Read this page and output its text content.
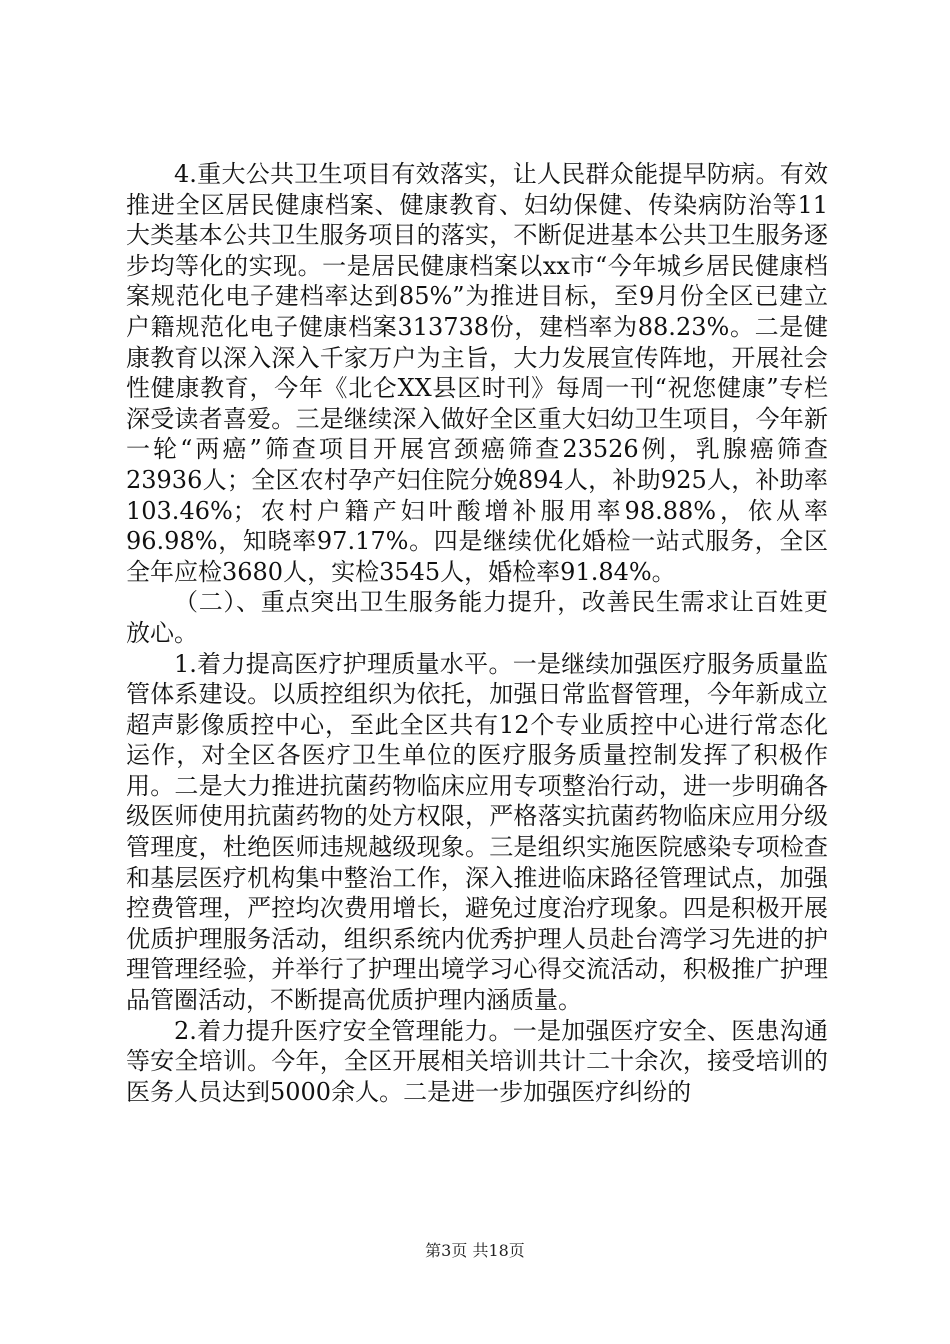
4.重大公共卫生项目有效落实，让人民群众能提早防病。有效推进全区居民健康档案、健康教育、妇幼保健、传染病防治等11大类基本公共卫生服务项目的落实，不断促进基本公共卫生服务逐步均等化的实现。一是居民健康档案以xx市“今年城乡居民健康档案规范化电子建档率达到85%”为推进目标，至9月份全区已建立户籍规范化电子健康档案313738份，建档率为88.23%。二是健康教育以深入深入千家万户为主旨，大力发展宣传阵地，开展社会性健康教育，今年《北仑XX县区时刊》每周一刊“祝您健康”专栏深受读者喜爱。三是继续深入做好全区重大妇幼卫生项目，今年新一轮“两癌”筛查项目开展宫颈癌筛查23526例，乳腺癌筛查23936人；全区农村孕产妇住院分娩894人，补助925人，补助率103.46%；农村户籍产妇叶酸增补服用率98.88%，依从率96.98%，知晓率97.17%。四是继续优化婚检一站式服务，全区全年应检3680人，实检3545人，婚检率91.84%。

（二）、重点突出卫生服务能力提升，改善民生需求让百姓更放心。

1.着力提高医疗护理质量水平。一是继续加强医疗服务质量监管体系建设。以质控组织为依托，加强日常监督管理，今年新成立超声影像质控中心，至此全区共有12个专业质控中心进行常态化运作，对全区各医疗卫生单位的医疗服务质量控制发挥了积极作用。二是大力推进抗菌药物临床应用专项整治行动，进一步明确各级医师使用抗菌药物的处方权限，严格落实抗菌药物临床应用分级管理度，杜绝医师违规越级现象。三是组织实施医院感染专项检查和基层医疗机构集中整治工作，深入推进临床路径管理试点，加强控费管理，严控均次费用增长，避免过度治疗现象。四是积极开展优质护理服务活动，组织系统内优秀护理人员赴台湾学习先进的护理管理经验，并举行了护理出境学习心得交流活动，积极推广护理品管圈活动，不断提高优质护理内涵质量。

2.着力提升医疗安全管理能力。一是加强医疗安全、医患沟通等安全培训。今年，全区开展相关培训共计二十余次，接受培训的医务人员达到5000余人。二是进一步加强医疗纠纷的

第3页 共18页
